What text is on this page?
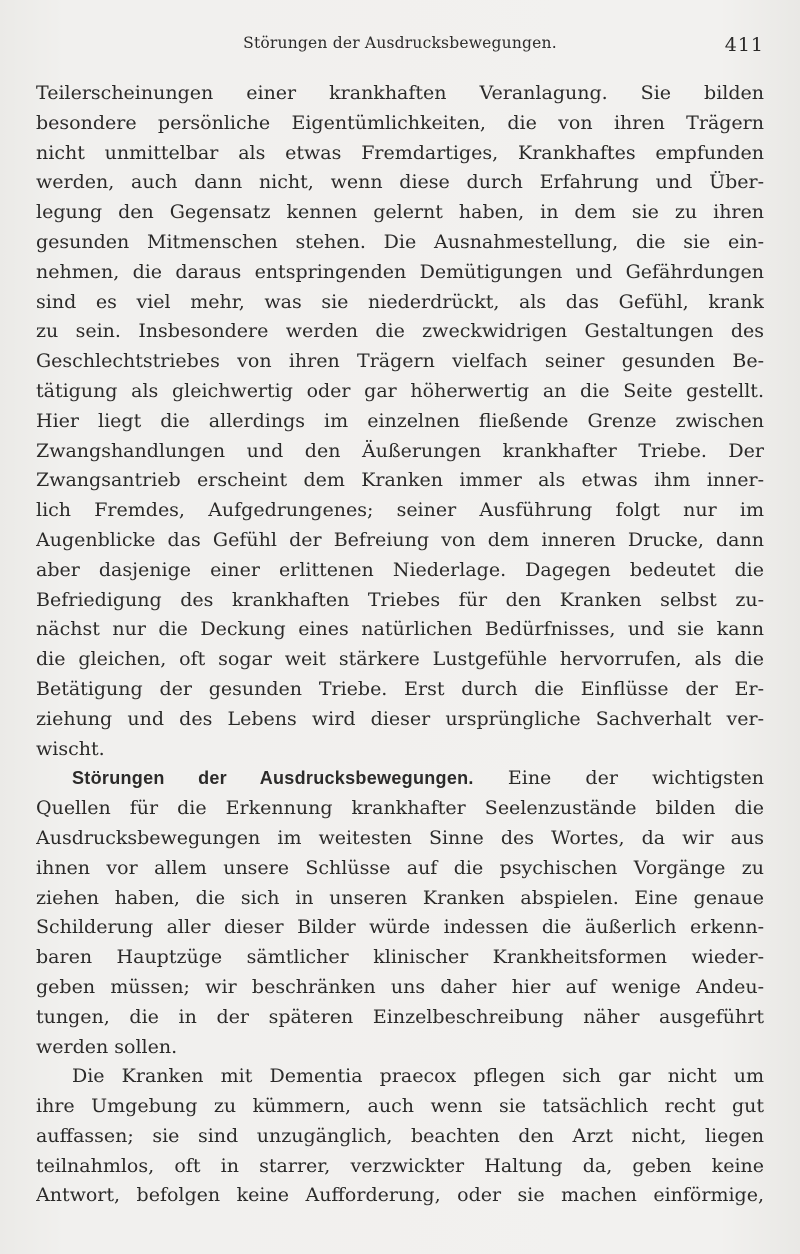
Störungen der Ausdrucksbewegungen.	411
Teilerscheinungen einer krankhaften Veranlagung. Sie bilden
besondere persönliche Eigentümlichkeiten, die von ihren Trägern
nicht unmittelbar als etwas Fremdartiges, Krankhaftes empfunden
werden, auch dann nicht, wenn diese durch Erfahrung und Über-
legung den Gegensatz kennen gelernt haben, in dem sie zu ihren
gesunden Mitmenschen stehen. Die Ausnahmestellung, die sie ein-
nehmen, die daraus entspringenden Demütigungen und Gefährdungen
sind es viel mehr, was sie niederdrückt, als das Gefühl, krank
zu sein. Insbesondere werden die zweckwidrigen Gestaltungen des
Geschlechtstriebes von ihren Trägern vielfach seiner gesunden Be-
tätigung als gleichwertig oder gar höherwertig an die Seite gestellt.
Hier liegt die allerdings im einzelnen fließende Grenze zwischen
Zwangshandlungen und den Äußerungen krankhafter Triebe. Der
Zwangsantrieb erscheint dem Kranken immer als etwas ihm inner-
lich Fremdes, Aufgedrungenes; seiner Ausführung folgt nur im
Augenblicke das Gefühl der Befreiung von dem inneren Drucke, dann
aber dasjenige einer erlittenen Niederlage. Dagegen bedeutet die
Befriedigung des krankhaften Triebes für den Kranken selbst zu-
nächst nur die Deckung eines natürlichen Bedürfnisses, und sie kann
die gleichen, oft sogar weit stärkere Lustgefühle hervorrufen, als die
Betätigung der gesunden Triebe. Erst durch die Einflüsse der Er-
ziehung und des Lebens wird dieser ursprüngliche Sachverhalt ver-
wischt.
Störungen der Ausdrucksbewegungen. Eine der wichtigsten
Quellen für die Erkennung krankhafter Seelenzustände bilden die
Ausdrucksbewegungen im weitesten Sinne des Wortes, da wir aus
ihnen vor allem unsere Schlüsse auf die psychischen Vorgänge zu
ziehen haben, die sich in unseren Kranken abspielen. Eine genaue
Schilderung aller dieser Bilder würde indessen die äußerlich erkenn-
baren Hauptzüge sämtlicher klinischer Krankheitsformen wieder-
geben müssen; wir beschränken uns daher hier auf wenige Andeu-
tungen, die in der späteren Einzelbeschreibung näher ausgeführt
werden sollen.
Die Kranken mit Dementia praecox pflegen sich gar nicht um
ihre Umgebung zu kümmern, auch wenn sie tatsächlich recht gut
auffassen; sie sind unzugänglich, beachten den Arzt nicht, liegen
teilnahmlos, oft in starrer, verzwickter Haltung da, geben keine
Antwort, befolgen keine Aufforderung, oder sie machen einförmige,
